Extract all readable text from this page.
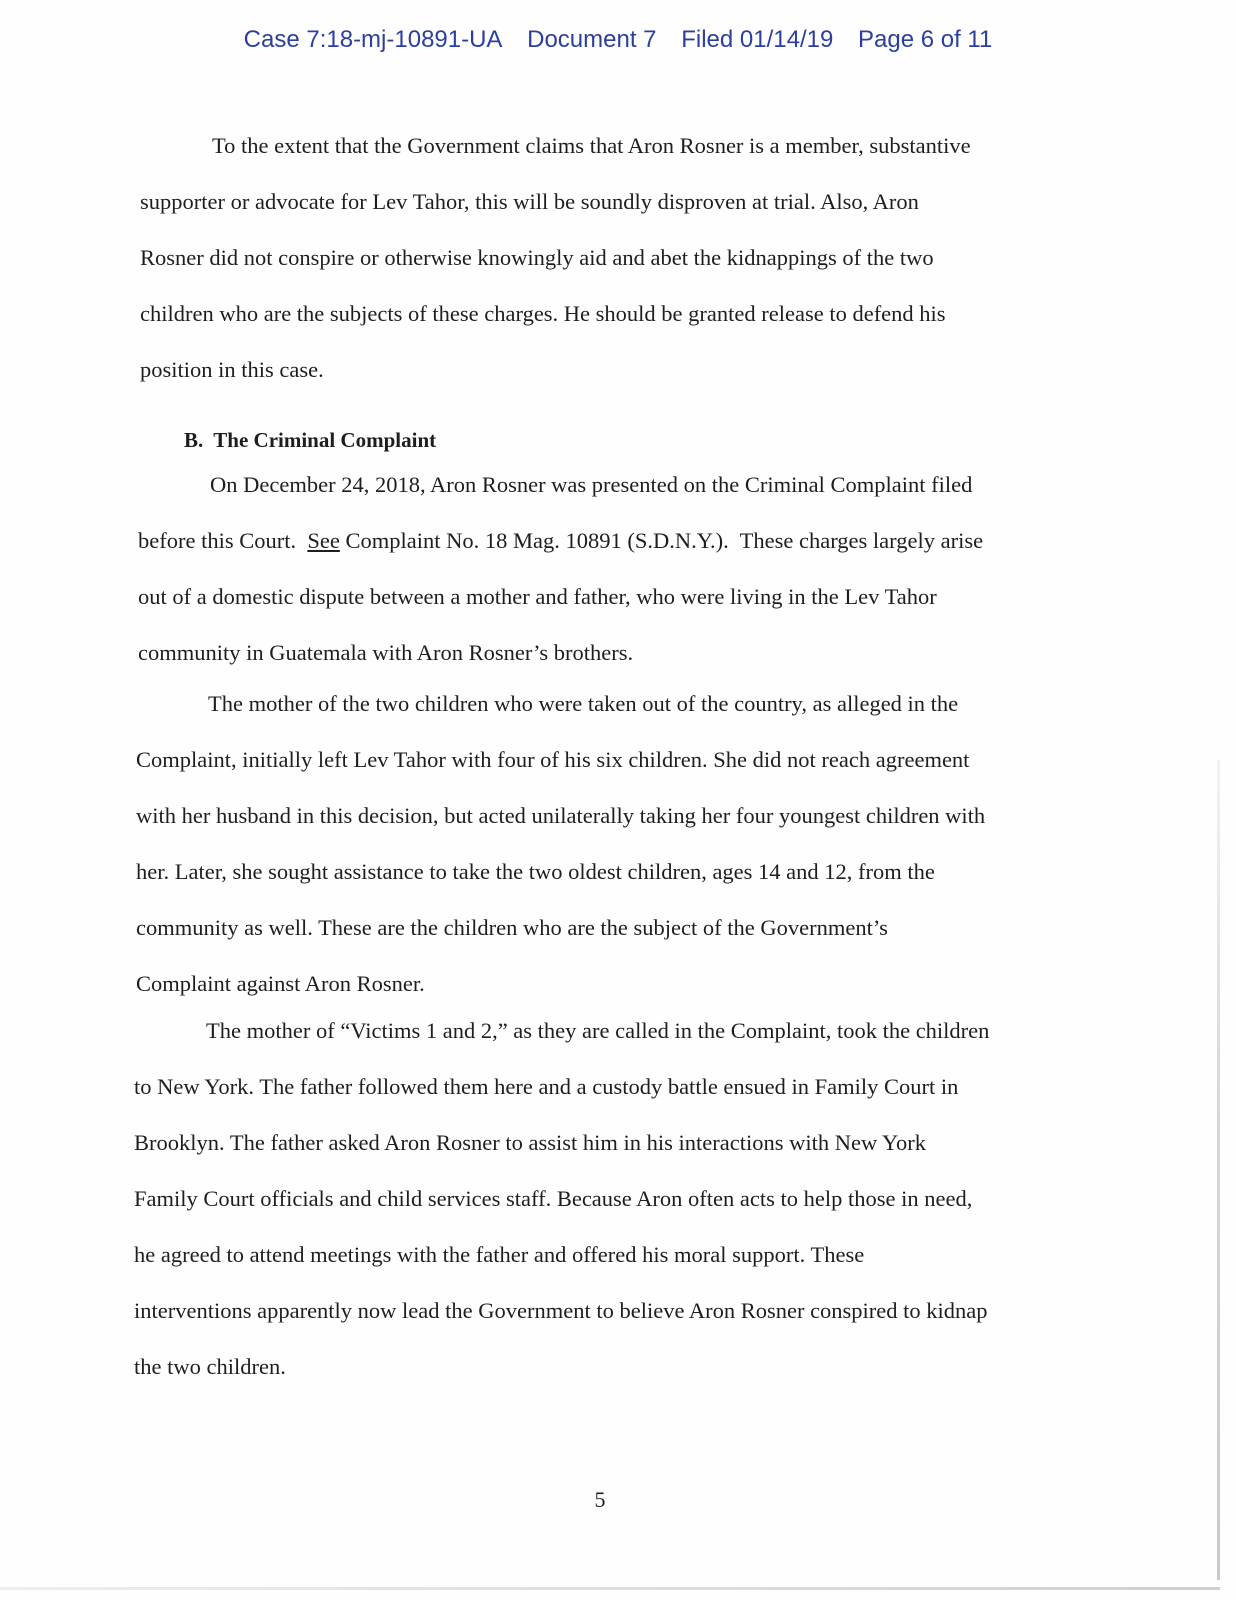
Case 7:18-mj-10891-UA Document 7 Filed 01/14/19 Page 6 of 11

To the extent that the Government claims that Aron Rosner is a member, substantive

supporter or advocate for Lev Tahor, this will be soundly disproven at trial. Also, Aron

Rosner did not conspire or otherwise knowingly aid and abet the kidnappings of the two

children who are the subjects of these charges. He should be granted release to defend his

position in this case.

B. The Criminal Complaint

On December 24, 2018, Aron Rosner was presented on the Criminal Complaint filed

before this Court.  See Complaint No. 18 Mag. 10891 (S.D.N.Y.).  These charges largely arise

out of a domestic dispute between a mother and father, who were living in the Lev Tahor

community in Guatemala with Aron Rosner’s brothers.

The mother of the two children who were taken out of the country, as alleged in the

Complaint, initially left Lev Tahor with four of his six children. She did not reach agreement

with her husband in this decision, but acted unilaterally taking her four youngest children with

her. Later, she sought assistance to take the two oldest children, ages 14 and 12, from the

community as well. These are the children who are the subject of the Government’s

Complaint against Aron Rosner.

The mother of “Victims 1 and 2,” as they are called in the Complaint, took the children

to New York. The father followed them here and a custody battle ensued in Family Court in

Brooklyn. The father asked Aron Rosner to assist him in his interactions with New York

Family Court officials and child services staff. Because Aron often acts to help those in need,

he agreed to attend meetings with the father and offered his moral support. These

interventions apparently now lead the Government to believe Aron Rosner conspired to kidnap

the two children.

5
